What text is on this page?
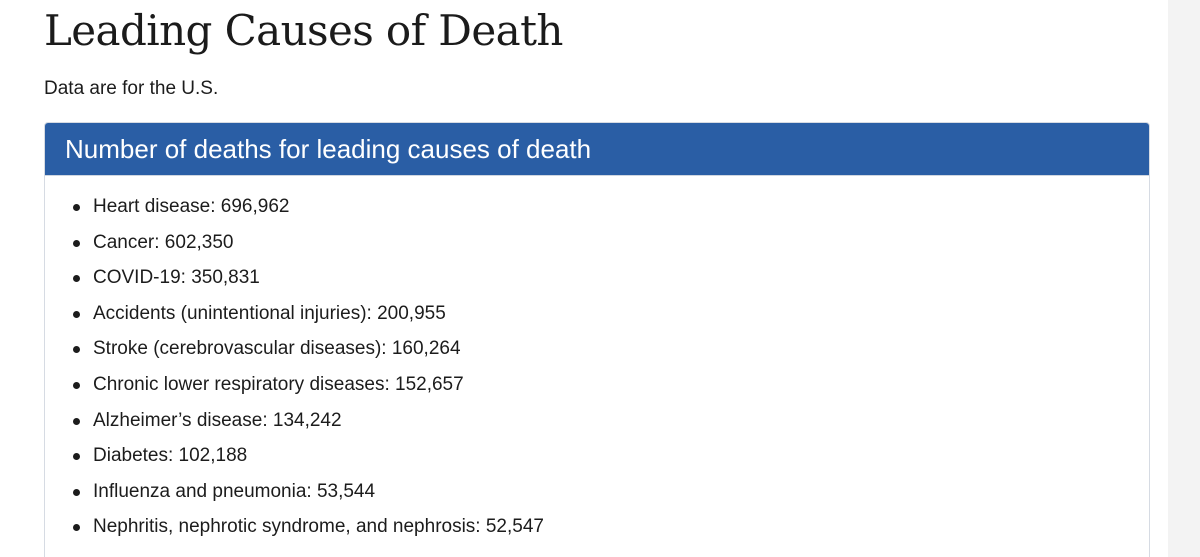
Leading Causes of Death

Data are for the U.S.

Number of deaths for leading causes of death
Heart disease: 696,962
Cancer: 602,350
COVID-19: 350,831
Accidents (unintentional injuries): 200,955
Stroke (cerebrovascular diseases): 160,264
Chronic lower respiratory diseases: 152,657
Alzheimer’s disease: 134,242
Diabetes: 102,188
Influenza and pneumonia: 53,544
Nephritis, nephrotic syndrome, and nephrosis: 52,547
